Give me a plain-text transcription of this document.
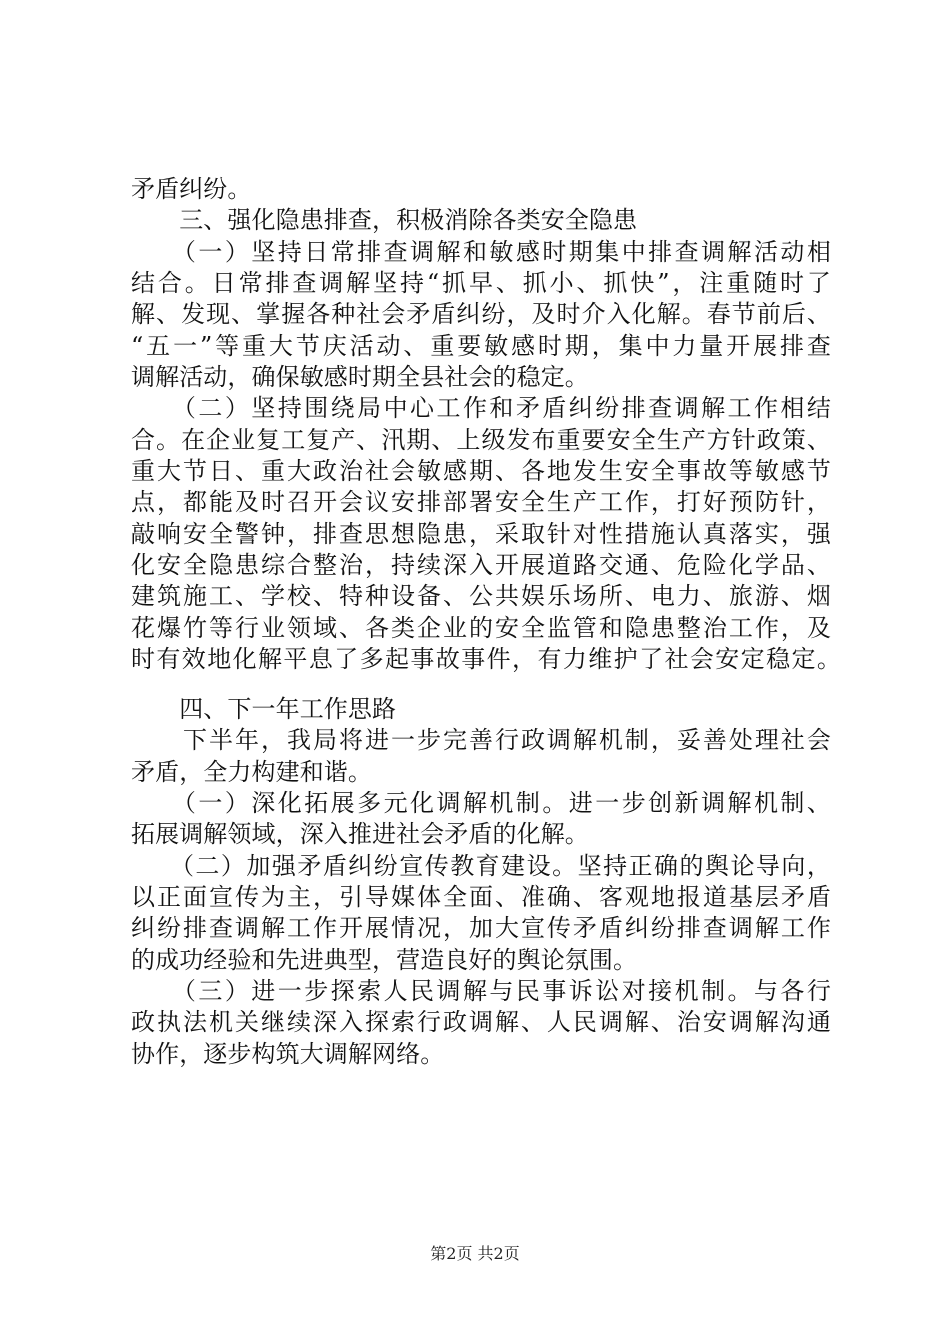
矛盾纠纷。
　　三、强化隐患排查，积极消除各类安全隐患
　　（一）坚持日常排查调解和敏感时期集中排查调解活动相
结合。日常排查调解坚持“抓早、抓小、抓快”，注重随时了
解、发现、掌握各种社会矛盾纠纷，及时介入化解。春节前后、
“五一”等重大节庆活动、重要敏感时期，集中力量开展排查
调解活动，确保敏感时期全县社会的稳定。
　　（二）坚持围绕局中心工作和矛盾纠纷排查调解工作相结
合。在企业复工复产、汛期、上级发布重要安全生产方针政策、
重大节日、重大政治社会敏感期、各地发生安全事故等敏感节
点，都能及时召开会议安排部署安全生产工作，打好预防针，
敲响安全警钟，排查思想隐患，采取针对性措施认真落实，强
化安全隐患综合整治，持续深入开展道路交通、危险化学品、
建筑施工、学校、特种设备、公共娱乐场所、电力、旅游、烟
花爆竹等行业领域、各类企业的安全监管和隐患整治工作，及
时有效地化解平息了多起事故事件，有力维护了社会安定稳定。
　　四、下一年工作思路
　　下半年，我局将进一步完善行政调解机制，妥善处理社会
矛盾，全力构建和谐。
　　（一）深化拓展多元化调解机制。进一步创新调解机制、
拓展调解领域，深入推进社会矛盾的化解。
　　（二）加强矛盾纠纷宣传教育建设。坚持正确的舆论导向，
以正面宣传为主，引导媒体全面、准确、客观地报道基层矛盾
纠纷排查调解工作开展情况，加大宣传矛盾纠纷排查调解工作
的成功经验和先进典型，营造良好的舆论氛围。
　　（三）进一步探索人民调解与民事诉讼对接机制。与各行
政执法机关继续深入探索行政调解、人民调解、治安调解沟通
协作，逐步构筑大调解网络。
第2页 共2页
